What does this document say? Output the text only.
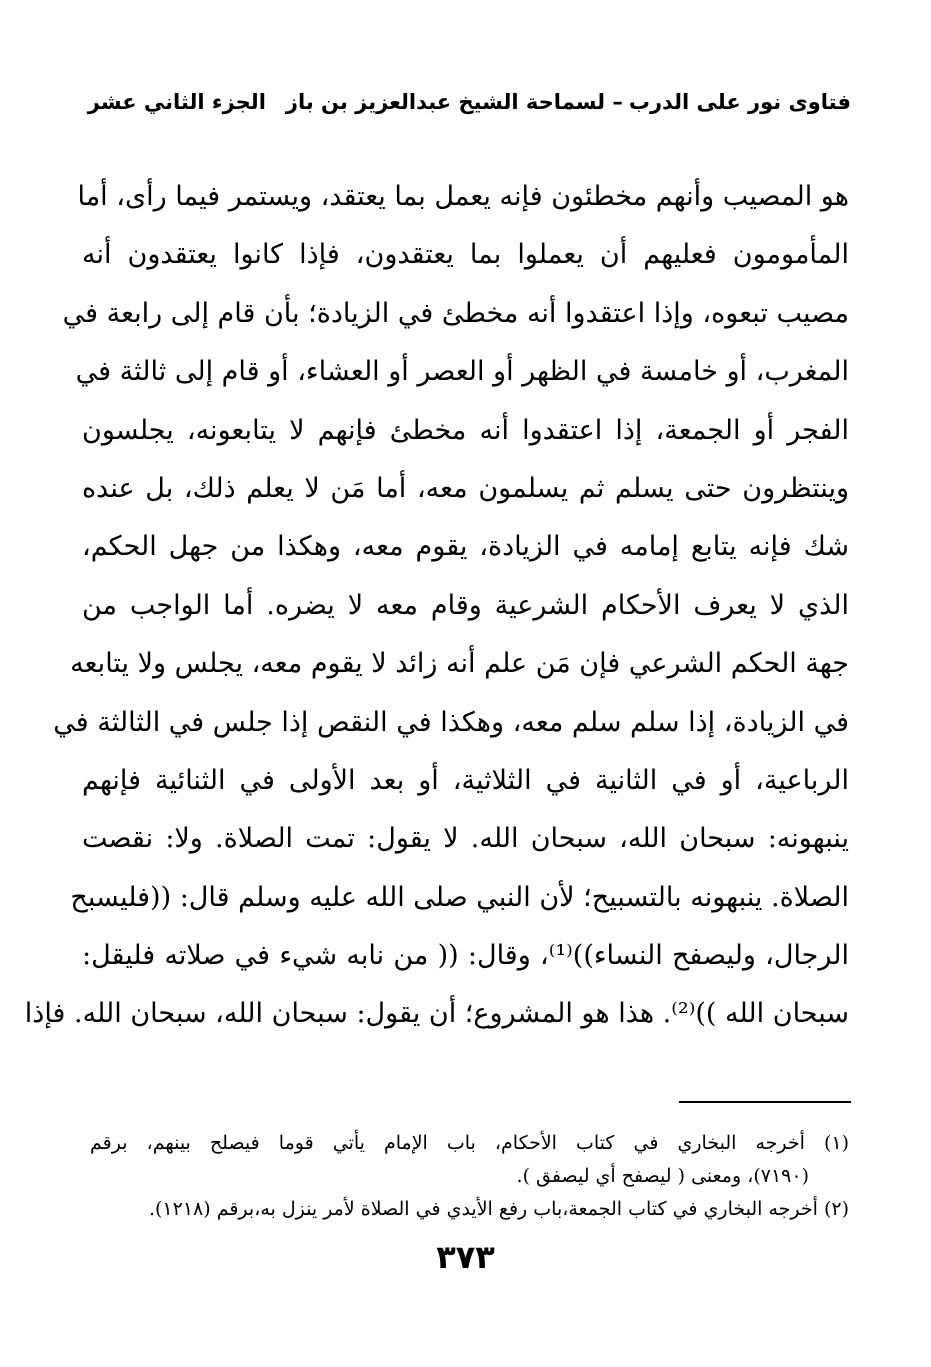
فتاوى نور على الدرب
– لسماحة الشيخ عبدالعزيز بن باز
الجزء الثاني عشر
هو المصيب وأنهم مخطئون فإنه يعمل بما يعتقد، ويستمر فيما رأى، أما
المأمومون فعليهم أن يعملوا بما يعتقدون، فإذا كانوا يعتقدون أنه
مصيب تبعوه، وإذا اعتقدوا أنه مخطئ في الزيادة؛ بأن قام إلى رابعة في
المغرب، أو خامسة في الظهر أو العصر أو العشاء، أو قام إلى ثالثة في
الفجر أو الجمعة، إذا اعتقدوا أنه مخطئ فإنهم لا يتابعونه، يجلسون
وينتظرون حتى يسلم ثم يسلمون معه، أما مَن لا يعلم ذلك، بل عنده
شك فإنه يتابع إمامه في الزيادة، يقوم معه، وهكذا من جهل الحكم،
الذي لا يعرف الأحكام الشرعية وقام معه لا يضره. أما الواجب من
جهة الحكم الشرعي فإن مَن علم أنه زائد لا يقوم معه، يجلس ولا يتابعه
في الزيادة، إذا سلم سلم معه، وهكذا في النقص إذا جلس في الثالثة في
الرباعية، أو في الثانية في الثلاثية، أو بعد الأولى في الثنائية فإنهم
ينبهونه: سبحان الله، سبحان الله. لا يقول: تمت الصلاة. ولا: نقصت
الصلاة. ينبهونه بالتسبيح؛ لأن النبي صلى الله عليه وسلم قال: ((فليسبح
الرجال، وليصفح النساء))⁽¹⁾، وقال: (( من نابه شيء في صلاته فليقل:
سبحان الله ))⁽²⁾. هذا هو المشروع؛ أن يقول: سبحان الله، سبحان الله. فإذا
(١) أخرجه البخاري في كتاب الأحكام، باب الإمام يأتي قوما فيصلح بينهم، برقم
(٧١٩٠)، ومعنى ( ليصفح أي ليصفق ).
(٢) أخرجه البخاري في كتاب الجمعة،باب رفع الأيدي في الصلاة لأمر ينزل به،برقم (١٢١٨).
٣٧٣
